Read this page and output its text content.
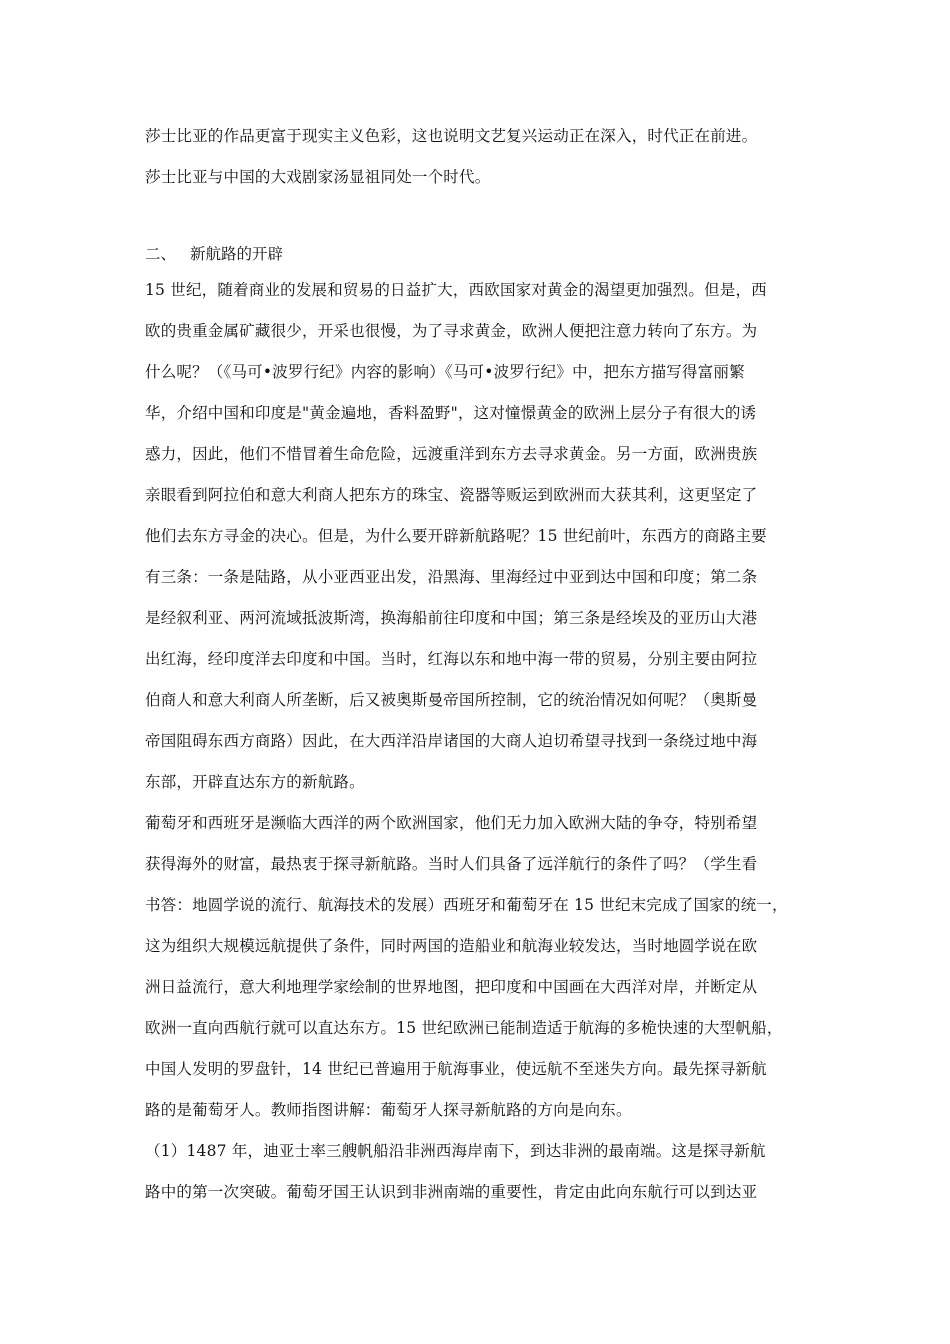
莎士比亚的作品更富于现实主义色彩，这也说明文艺复兴运动正在深入，时代正在前进。
莎士比亚与中国的大戏剧家汤显祖同处一个时代。
二、 新航路的开辟
15 世纪，随着商业的发展和贸易的日益扩大，西欧国家对黄金的渴望更加强烈。但是，西
欧的贵重金属矿藏很少，开采也很慢，为了寻求黄金，欧洲人便把注意力转向了东方。为
什么呢？（《马可•波罗行纪》内容的影响）《马可•波罗行纪》中，把东方描写得富丽繁
华，介绍中国和印度是"黄金遍地，香料盈野"，这对憧憬黄金的欧洲上层分子有很大的诱
惑力，因此，他们不惜冒着生命危险，远渡重洋到东方去寻求黄金。另一方面，欧洲贵族
亲眼看到阿拉伯和意大利商人把东方的珠宝、瓷器等贩运到欧洲而大获其利，这更坚定了
他们去东方寻金的决心。但是，为什么要开辟新航路呢？15 世纪前叶，东西方的商路主要
有三条：一条是陆路，从小亚西亚出发，沿黑海、里海经过中亚到达中国和印度；第二条
是经叙利亚、两河流域抵波斯湾，换海船前往印度和中国；第三条是经埃及的亚历山大港
出红海，经印度洋去印度和中国。当时，红海以东和地中海一带的贸易，分别主要由阿拉
伯商人和意大利商人所垄断，后又被奥斯曼帝国所控制，它的统治情况如何呢？（奥斯曼
帝国阻碍东西方商路）因此，在大西洋沿岸诸国的大商人迫切希望寻找到一条绕过地中海
东部，开辟直达东方的新航路。
葡萄牙和西班牙是濒临大西洋的两个欧洲国家，他们无力加入欧洲大陆的争夺，特别希望
获得海外的财富，最热衷于探寻新航路。当时人们具备了远洋航行的条件了吗？（学生看
书答：地圆学说的流行、航海技术的发展）西班牙和葡萄牙在 15 世纪末完成了国家的统一，
这为组织大规模远航提供了条件，同时两国的造船业和航海业较发达，当时地圆学说在欧
洲日益流行，意大利地理学家绘制的世界地图，把印度和中国画在大西洋对岸，并断定从
欧洲一直向西航行就可以直达东方。15 世纪欧洲已能制造适于航海的多桅快速的大型帆船，
中国人发明的罗盘针，14 世纪已普遍用于航海事业，使远航不至迷失方向。最先探寻新航
路的是葡萄牙人。教师指图讲解：葡萄牙人探寻新航路的方向是向东。
（1）1487 年，迪亚士率三艘帆船沿非洲西海岸南下，到达非洲的最南端。这是探寻新航
路中的第一次突破。葡萄牙国王认识到非洲南端的重要性，肯定由此向东航行可以到达亚
